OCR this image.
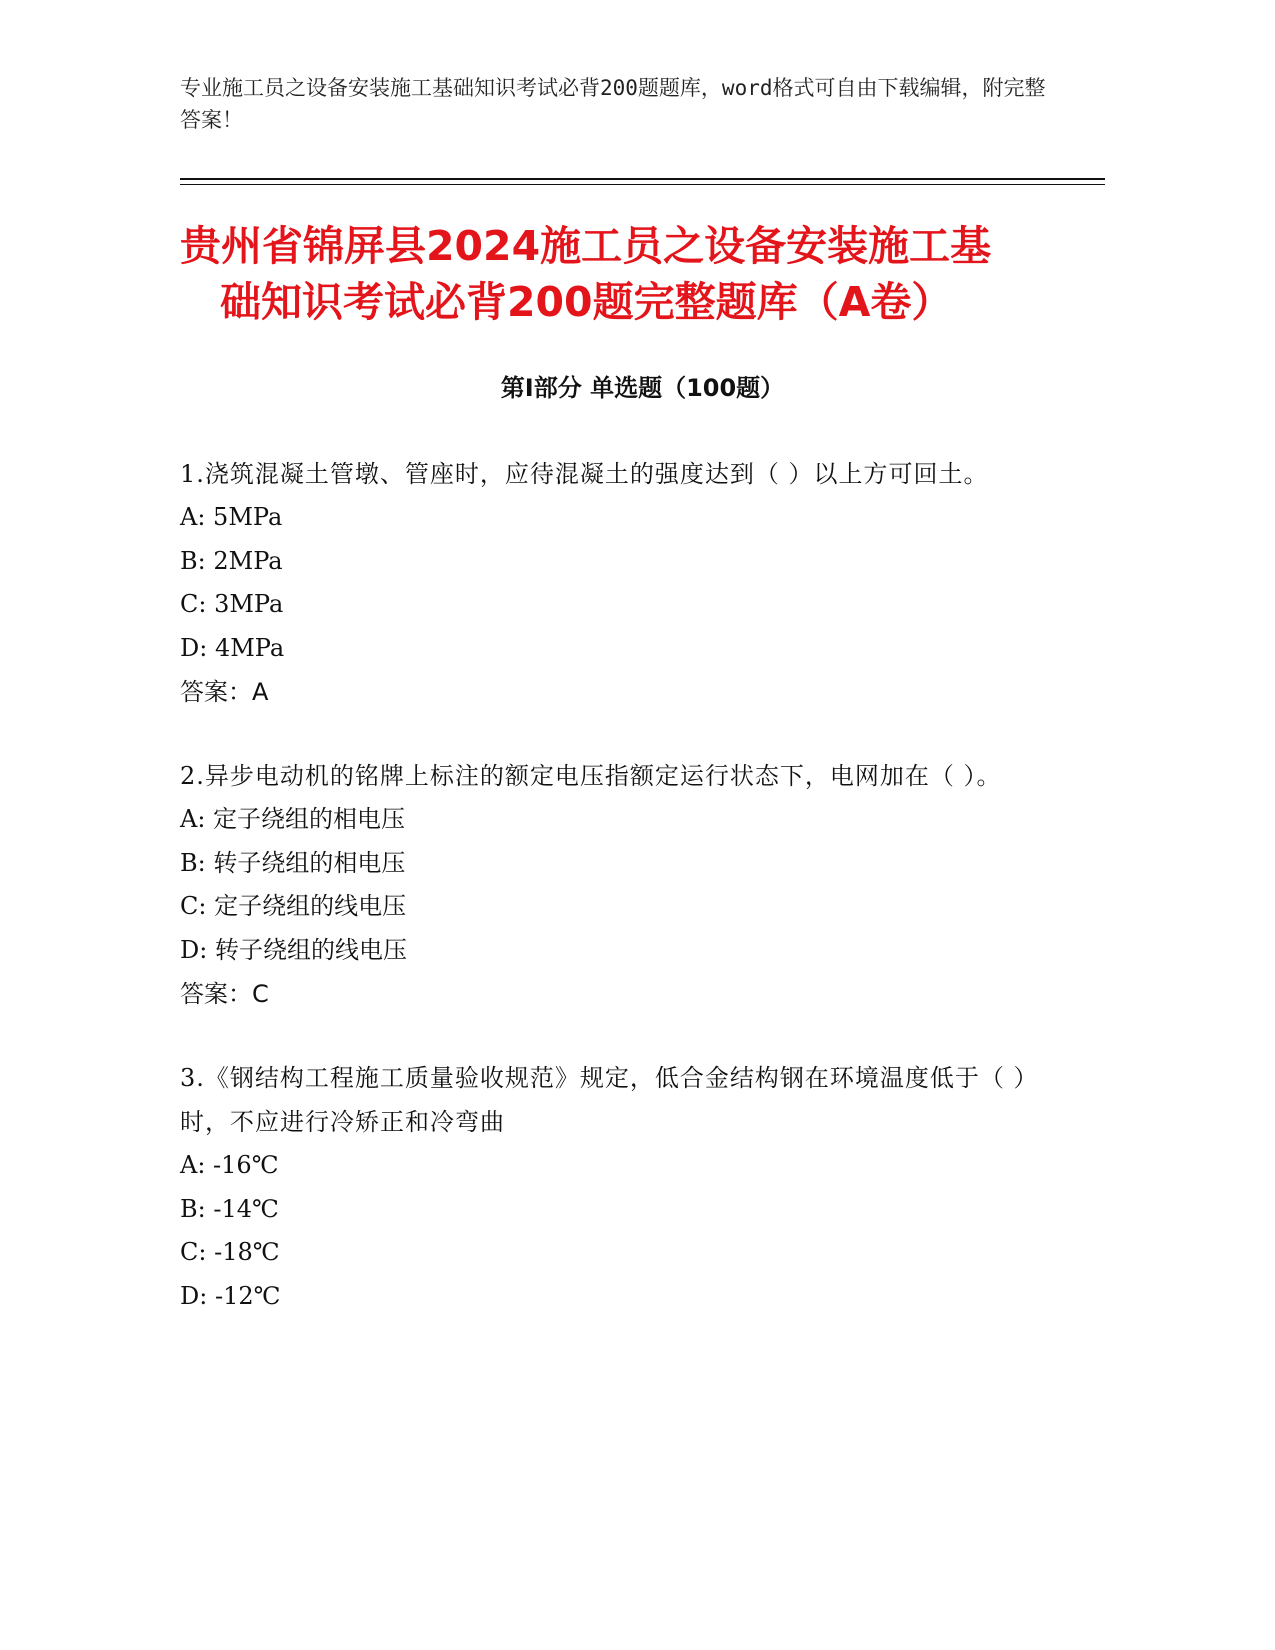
专业施工员之设备安装施工基础知识考试必背200题题库，word格式可自由下载编辑，附完整答案！
贵州省锦屏县2024施工员之设备安装施工基
础知识考试必背200题完整题库（A卷）
第I部分 单选题（100题）
1.浇筑混凝土管墩、管座时，应待混凝土的强度达到（ ）以上方可回土。
A: 5MPa
B: 2MPa
C: 3MPa
D: 4MPa
答案：A
2.异步电动机的铭牌上标注的额定电压指额定运行状态下，电网加在（ ）。
A: 定子绕组的相电压
B: 转子绕组的相电压
C: 定子绕组的线电压
D: 转子绕组的线电压
答案：C
3.《钢结构工程施工质量验收规范》规定，低合金结构钢在环境温度低于（ ）时，不应进行冷矫正和冷弯曲
A: -16℃
B: -14℃
C: -18℃
D: -12℃
